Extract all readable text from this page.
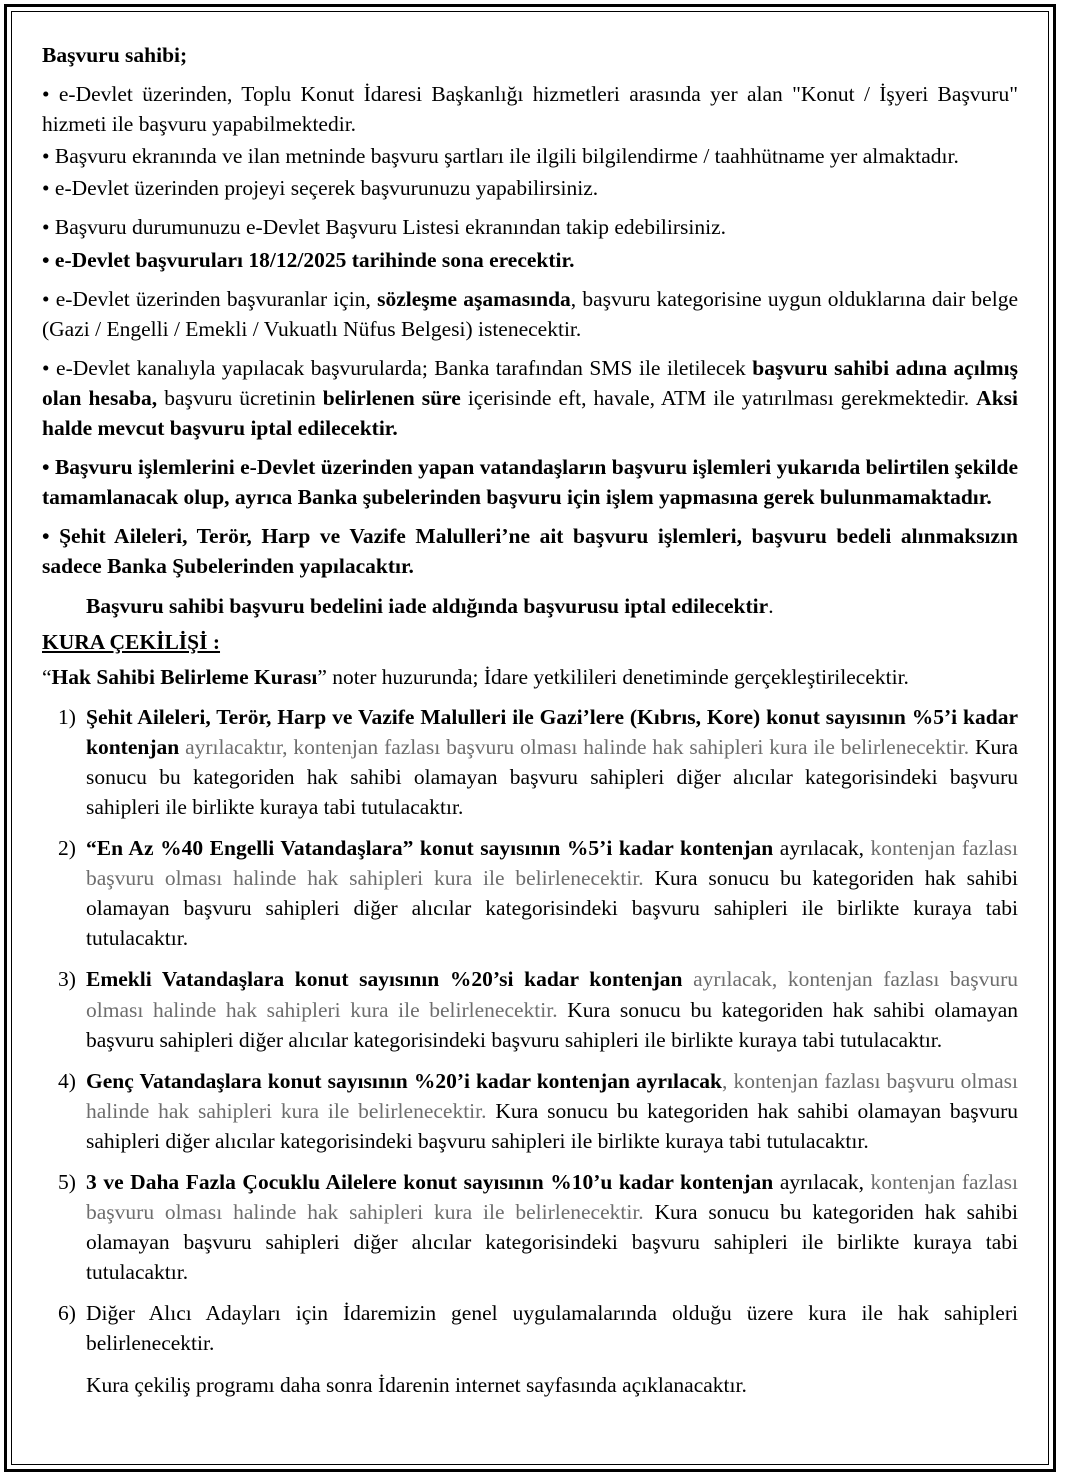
Başvuru sahibi;

• e-Devlet üzerinden, Toplu Konut İdaresi Başkanlığı hizmetleri arasında yer alan "Konut / İşyeri Başvuru" hizmeti ile başvuru yapabilmektedir.

• Başvuru ekranında ve ilan metninde başvuru şartları ile ilgili bilgilendirme / taahhütname yer almaktadır.

• e-Devlet üzerinden projeyi seçerek başvurunuzu yapabilirsiniz.

• Başvuru durumunuzu e-Devlet Başvuru Listesi ekranından takip edebilirsiniz.

• e-Devlet başvuruları 18/12/2025 tarihinde sona erecektir.

• e-Devlet üzerinden başvuranlar için, sözleşme aşamasında, başvuru kategorisine uygun olduklarına dair belge (Gazi / Engelli / Emekli / Vukuatlı Nüfus Belgesi) istenecektir.

• e-Devlet kanalıyla yapılacak başvurularda; Banka tarafından SMS ile iletilecek başvuru sahibi adına açılmış olan hesaba, başvuru ücretinin belirlenen süre içerisinde eft, havale, ATM ile yatırılması gerekmektedir. Aksi halde mevcut başvuru iptal edilecektir.

• Başvuru işlemlerini e-Devlet üzerinden yapan vatandaşların başvuru işlemleri yukarıda belirtilen şekilde tamamlanacak olup, ayrıca Banka şubelerinden başvuru için işlem yapmasına gerek bulunmamaktadır.

• Şehit Aileleri, Terör, Harp ve Vazife Malulleri’ne ait başvuru işlemleri, başvuru bedeli alınmaksızın sadece Banka Şubelerinden yapılacaktır.

Başvuru sahibi başvuru bedelini iade aldığında başvurusu iptal edilecektir.

KURA ÇEKİLİŞİ :

“Hak Sahibi Belirleme Kurası” noter huzurunda; İdare yetkilileri denetiminde gerçekleştirilecektir.

1) Şehit Aileleri, Terör, Harp ve Vazife Malulleri ile Gazi’lere (Kıbrıs, Kore) konut sayısının %5’i kadar kontenjan ayrılacaktır, kontenjan fazlası başvuru olması halinde hak sahipleri kura ile belirlenecektir. Kura sonucu bu kategoriden hak sahibi olamayan başvuru sahipleri diğer alıcılar kategorisindeki başvuru sahipleri ile birlikte kuraya tabi tutulacaktır.
2) “En Az %40 Engelli Vatandaşlara” konut sayısının %5’i kadar kontenjan ayrılacak, kontenjan fazlası başvuru olması halinde hak sahipleri kura ile belirlenecektir. Kura sonucu bu kategoriden hak sahibi olamayan başvuru sahipleri diğer alıcılar kategorisindeki başvuru sahipleri ile birlikte kuraya tabi tutulacaktır.
3) Emekli Vatandaşlara konut sayısının %20’si kadar kontenjan ayrılacak, kontenjan fazlası başvuru olması halinde hak sahipleri kura ile belirlenecektir. Kura sonucu bu kategoriden hak sahibi olamayan başvuru sahipleri diğer alıcılar kategorisindeki başvuru sahipleri ile birlikte kuraya tabi tutulacaktır.
4) Genç Vatandaşlara konut sayısının %20’i kadar kontenjan ayrılacak, kontenjan fazlası başvuru olması halinde hak sahipleri kura ile belirlenecektir. Kura sonucu bu kategoriden hak sahibi olamayan başvuru sahipleri diğer alıcılar kategorisindeki başvuru sahipleri ile birlikte kuraya tabi tutulacaktır.
5) 3 ve Daha Fazla Çocuklu Ailelere konut sayısının %10’u kadar kontenjan ayrılacak, kontenjan fazlası başvuru olması halinde hak sahipleri kura ile belirlenecektir. Kura sonucu bu kategoriden hak sahibi olamayan başvuru sahipleri diğer alıcılar kategorisindeki başvuru sahipleri ile birlikte kuraya tabi tutulacaktır.
6) Diğer Alıcı Adayları için İdaremizin genel uygulamalarında olduğu üzere kura ile hak sahipleri belirlenecektir.

Kura çekiliş programı daha sonra İdarenin internet sayfasında açıklanacaktır.
